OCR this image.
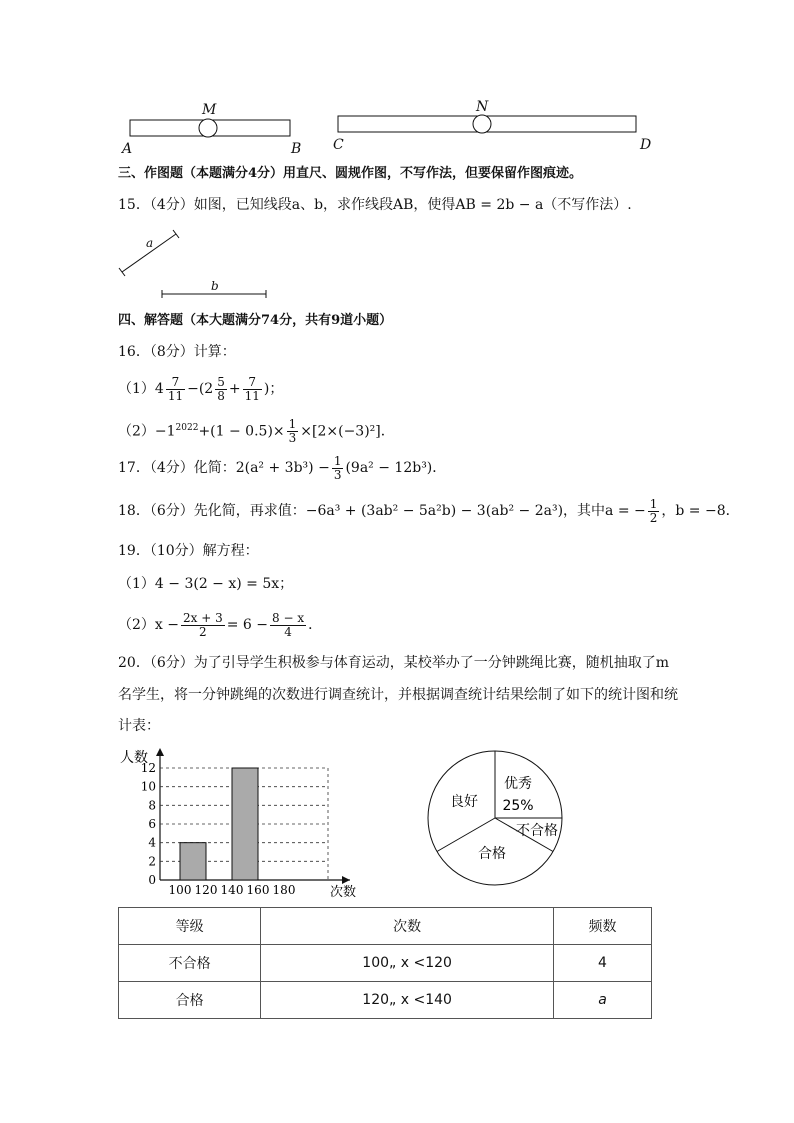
M
A	B
N
C	D
三、作图题（本题满分4分）用直尺、圆规作图，不写作法，但要保留作图痕迹。
15．（4分）如图，已知线段a、b，求作线段AB，使得AB = 2b − a（不写作法）.
a
b
四、解答题（本大题满分74分，共有9道小题）
16．（8分）计算：
$(1)4 \frac{7}{11} -(2 \frac{5}{8} + \frac{7}{11}$ )；
$(2)-1^{2022}+(1 - 0.5)\times \frac{1}{3} \times[2\times(-3)^2]$．
17．（4分）化简：$2(a^2 + 3b^3) - \frac{1}{3} (9a^2 - 12b^3)$．
18．（6分）先化简，再求值：−6a³ + (3ab² − 5a²b) − 3(ab² − 2a³)，其中a = − $\frac{1}{2}$ ，b = −8．
19．（10分）解方程：
（1）4 − 3(2 − x) = 5x；
$(2)x - \frac{2x + 3}{2} = 6 - \frac{8 - x}{4}$ ．
20．（6分）为了引导学生积极参与体育运动，某校举办了一分钟跳绳比赛，随机抽取了m
名学生，将一分钟跳绳的次数进行调查统计，并根据调查统计结果绘制了如下的统计图和统
计表：
0
2
4
6
8
10
12
100 120 140 160 180
人数
次数
优秀
25%
不合格
合格
良好
等级	次数	频数
不合格	100„ x <120	4
合格	120„ x <140	a
